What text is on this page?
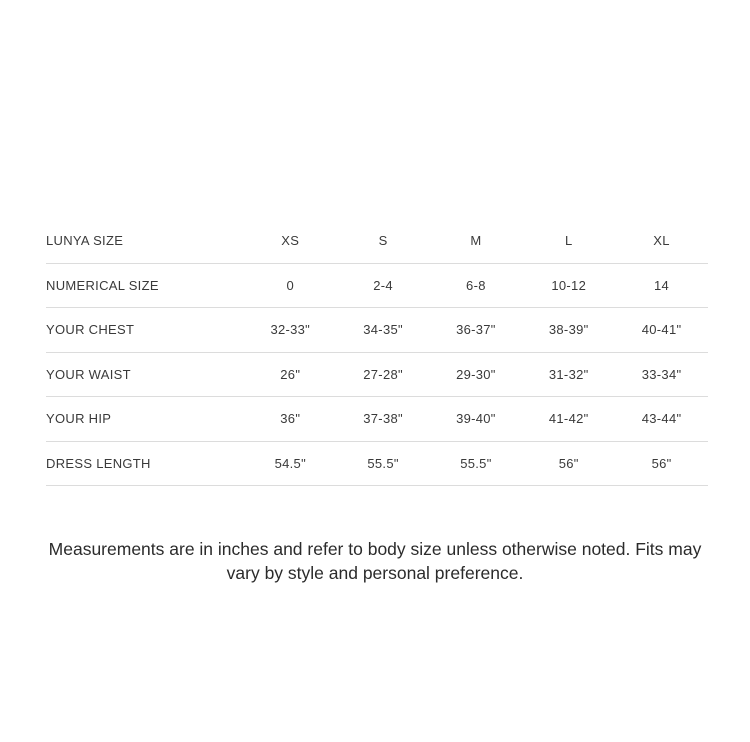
LUNYA SIZE	XS	S	M	L	XL
NUMERICAL SIZE	0	2-4	6-8	10-12	14
YOUR CHEST	32-33"	34-35"	36-37"	38-39"	40-41"
YOUR WAIST	26"	27-28"	29-30"	31-32"	33-34"
YOUR HIP	36"	37-38"	39-40"	41-42"	43-44"
DRESS LENGTH	54.5"	55.5"	55.5"	56"	56"
Measurements are in inches and refer to body size unless otherwise noted. Fits may vary by style and personal preference.
